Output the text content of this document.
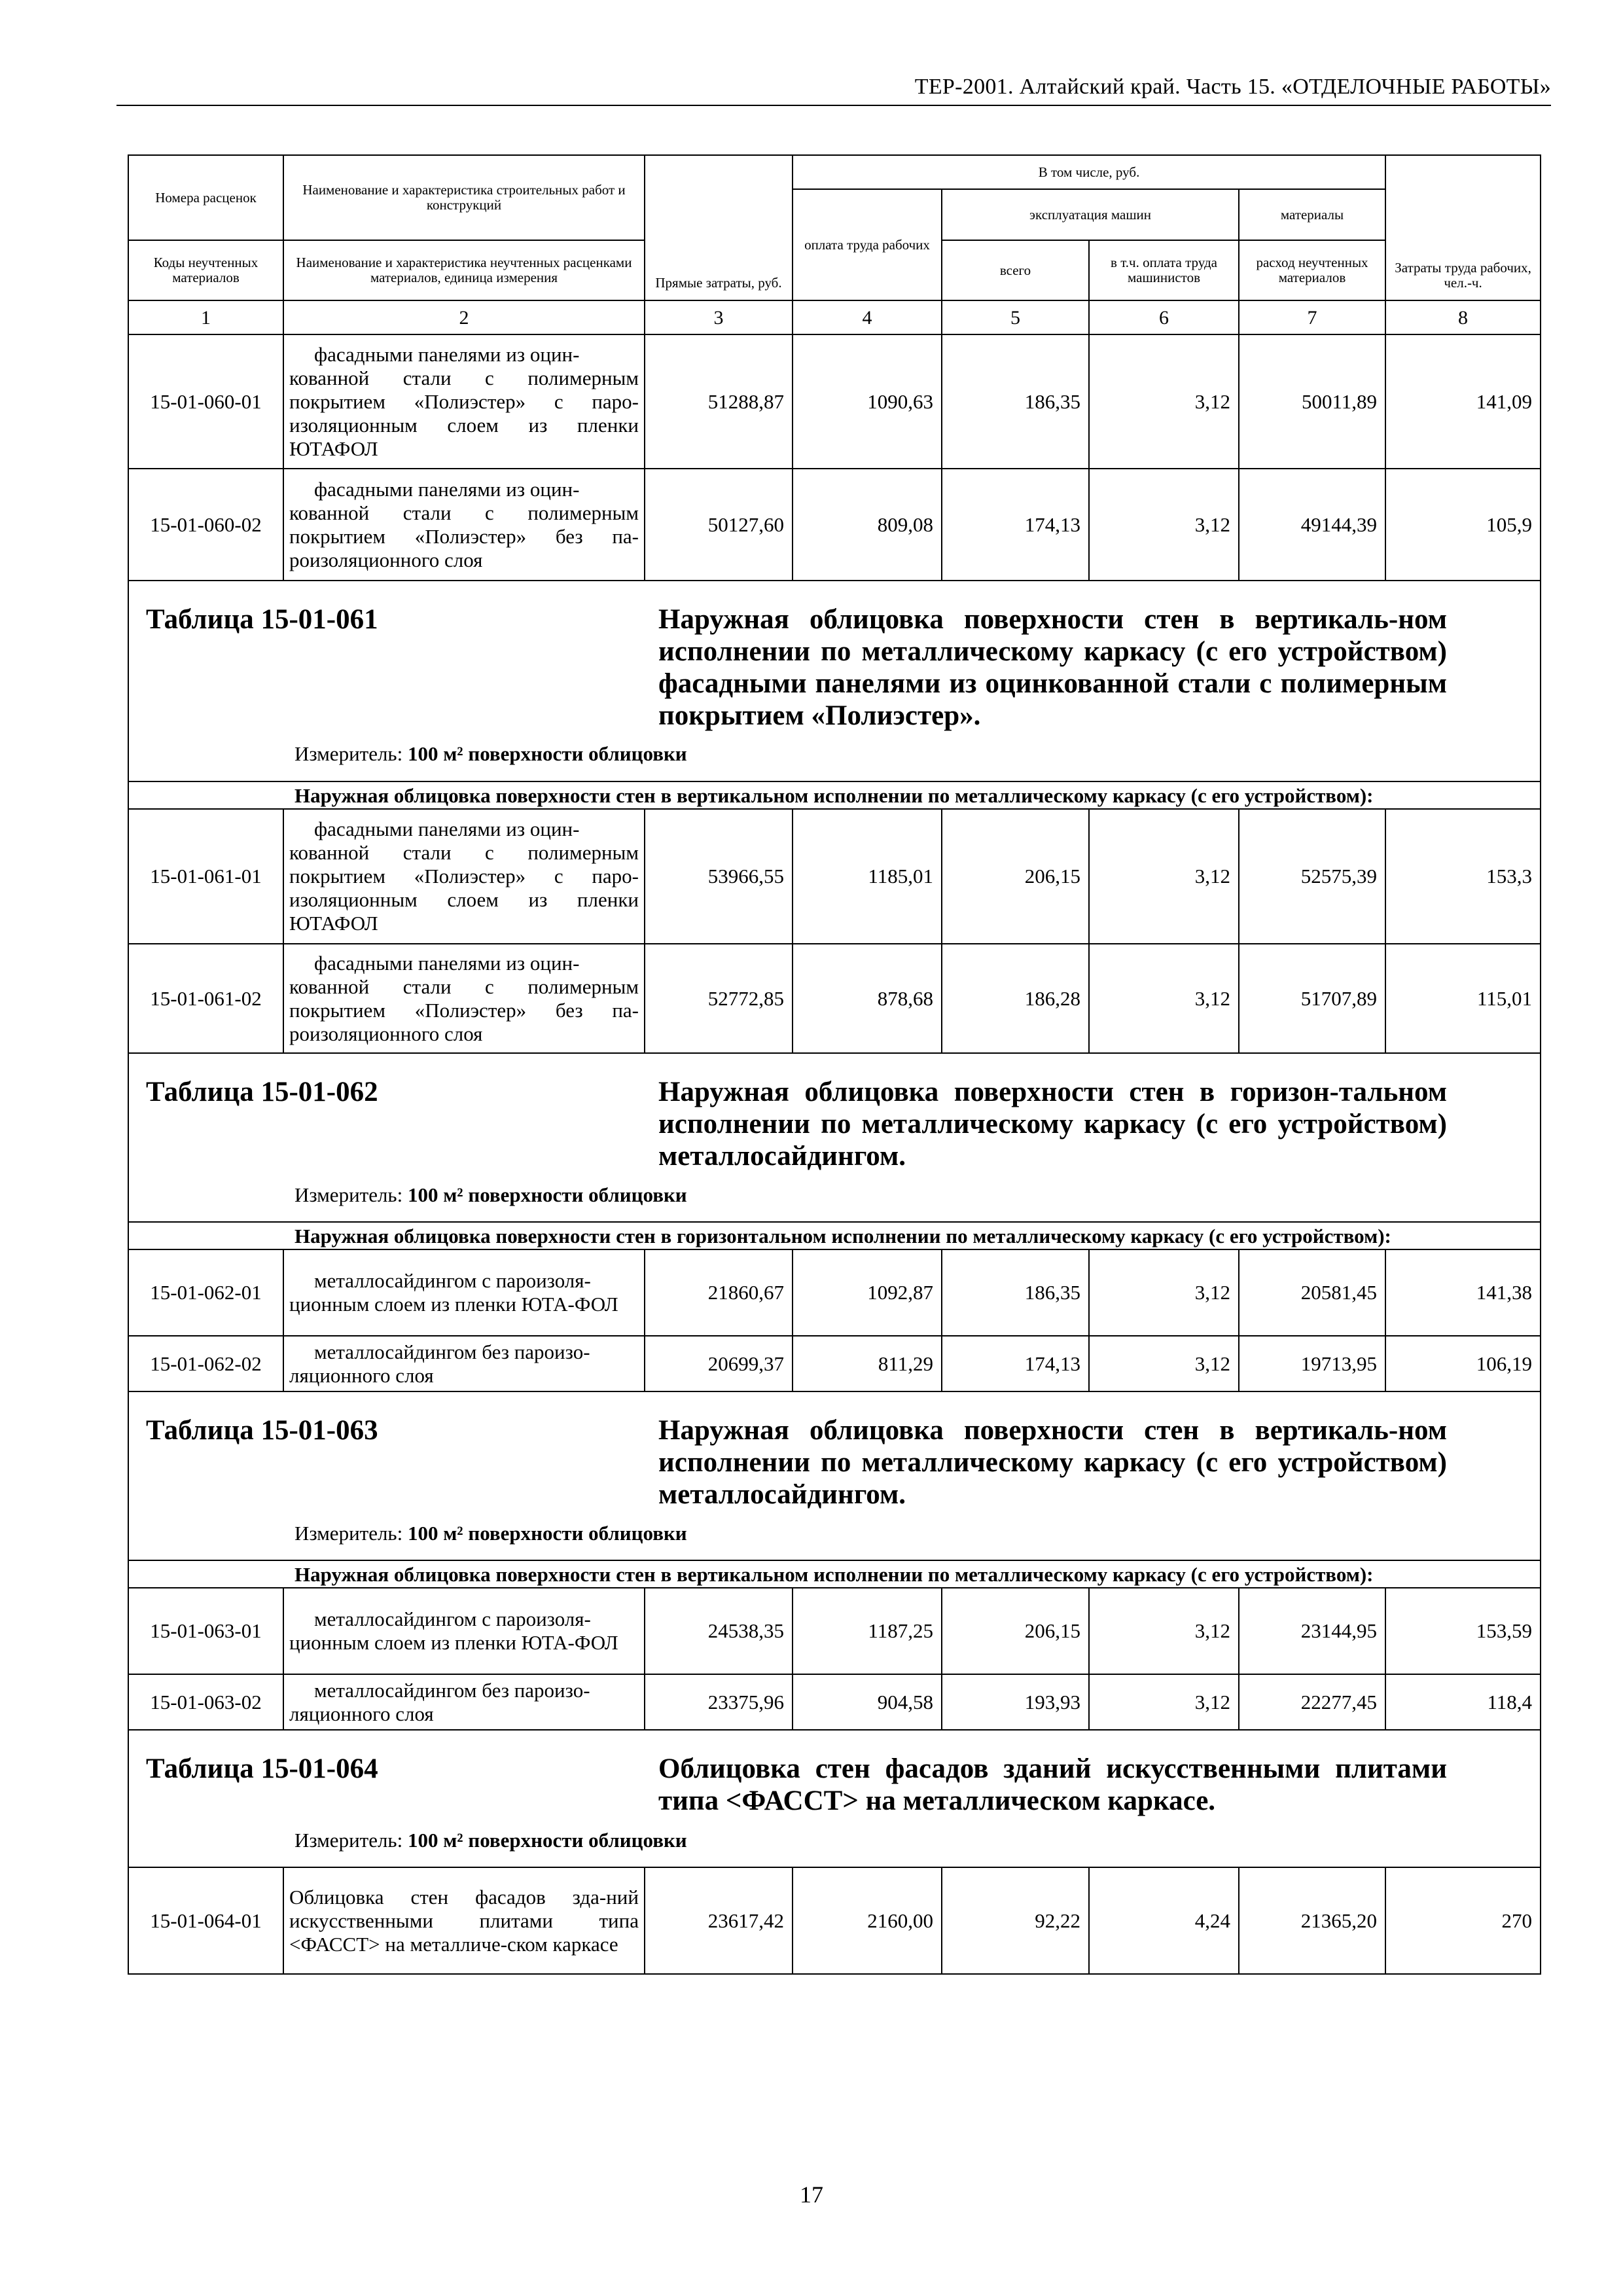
ТЕР-2001. Алтайский край. Часть 15. «ОТДЕЛОЧНЫЕ РАБОТЫ»
Номера расценок	Наименование и характеристика строительных работ и конструкций	Прямые затраты, руб.	В том числе, руб.				Затраты труда рабочих, чел.-ч.
			оплата труда рабочих	эксплуатация машин		материалы	
Коды неучтенных материалов	Наименование и характеристика неучтенных расценками материалов, единица измерения			всего	в т.ч. оплата труда машинистов	расход неучтенных материалов	
1	2	3	4	5	6	7	8
15-01-060-01	фасадными панелями из оцин-
кованной стали с полимерным покрытием «Полиэстер» с паро-изоляционным слоем из пленки ЮТАФОЛ	51288,87	1090,63	186,35	3,12	50011,89	141,09
15-01-060-02	фасадными панелями из оцин-
кованной стали с полимерным покрытием «Полиэстер» без па-роизоляционного слоя	50127,60	809,08	174,13	3,12	49144,39	105,9

Таблица 15-01-061 Наружная облицовка поверхности стен в вертикаль-ном исполнении по металлическому каркасу (с его устройством) фасадными панелями из оцинкованной стали с полимерным покрытием «Полиэстер».
Измеритель: 100 м² поверхности облицовки							

Наружная облицовка поверхности стен в вертикальном исполнении по металлическому каркасу (с его устройством):							
15-01-061-01	фасадными панелями из оцин-
кованной стали с полимерным покрытием «Полиэстер» с паро-изоляционным слоем из пленки ЮТАФОЛ	53966,55	1185,01	206,15	3,12	52575,39	153,3
15-01-061-02	фасадными панелями из оцин-
кованной стали с полимерным покрытием «Полиэстер» без па-роизоляционного слоя	52772,85	878,68	186,28	3,12	51707,89	115,01

Таблица 15-01-062 Наружная облицовка поверхности стен в горизон-тальном исполнении по металлическому каркасу (с его устройством) металлосайдингом.
Измеритель: 100 м² поверхности облицовки							

Наружная облицовка поверхности стен в горизонтальном исполнении по металлическому каркасу (с его устройством):							
15-01-062-01	металлосайдингом с пароизоля-
ционным слоем из пленки ЮТА-ФОЛ	21860,67	1092,87	186,35	3,12	20581,45	141,38
15-01-062-02	металлосайдингом без пароизо-
ляционного слоя	20699,37	811,29	174,13	3,12	19713,95	106,19

Таблица 15-01-063 Наружная облицовка поверхности стен в вертикаль-ном исполнении по металлическому каркасу (с его устройством) металлосайдингом.
Измеритель: 100 м² поверхности облицовки							

Наружная облицовка поверхности стен в вертикальном исполнении по металлическому каркасу (с его устройством):							
15-01-063-01	металлосайдингом с пароизоля-
ционным слоем из пленки ЮТА-ФОЛ	24538,35	1187,25	206,15	3,12	23144,95	153,59
15-01-063-02	металлосайдингом без пароизо-
ляционного слоя	23375,96	904,58	193,93	3,12	22277,45	118,4

Таблица 15-01-064 Облицовка стен фасадов зданий искусственными плитами типа <ФАССТ> на металлическом каркасе.
Измеритель: 100 м² поверхности облицовки							

15-01-064-01	Облицовка стен фасадов зда-ний искусственными плитами типа <ФАССТ> на металличе-ском каркасе	23617,42	2160,00	92,22	4,24	21365,20	270
17
